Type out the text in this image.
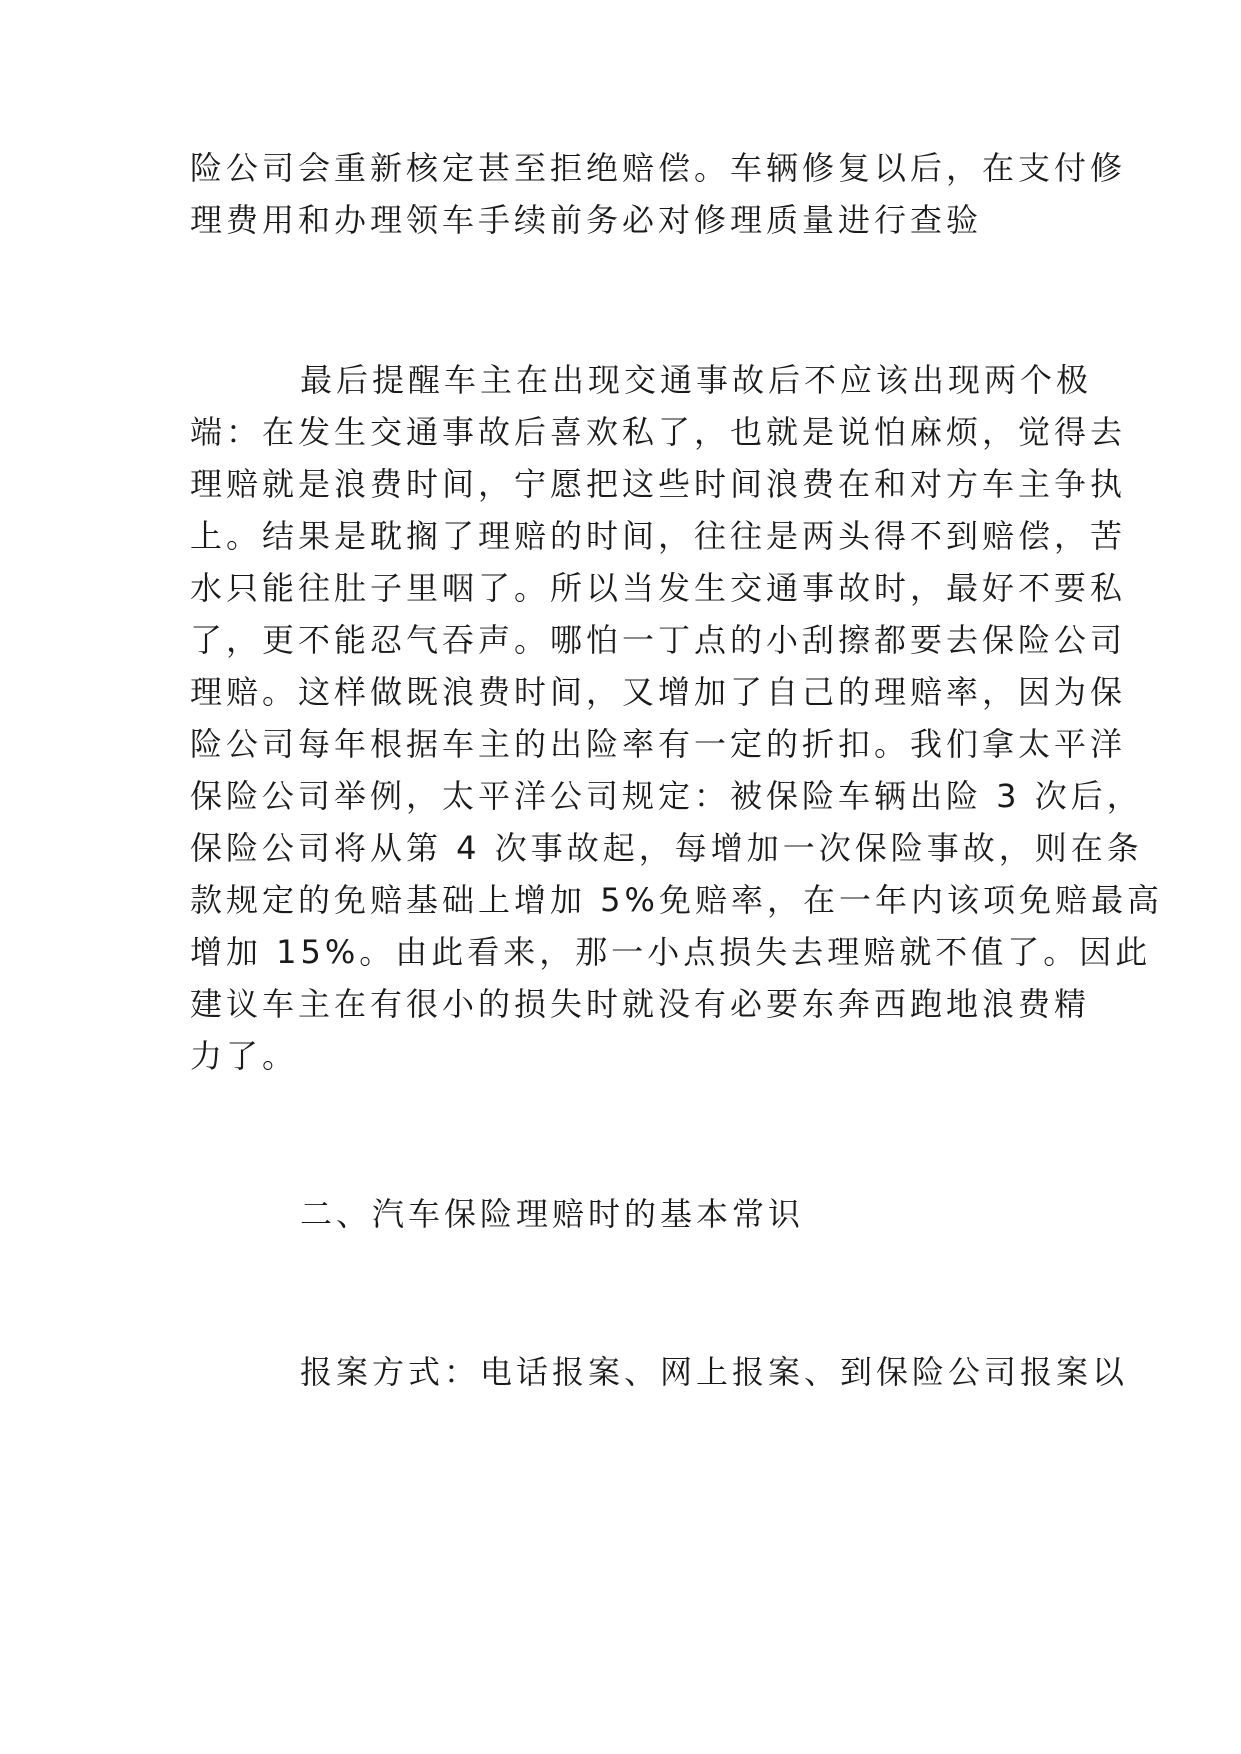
险公司会重新核定甚至拒绝赔偿。车辆修复以后，在支付修
理费用和办理领车手续前务必对修理质量进行查验
最后提醒车主在出现交通事故后不应该出现两个极
端：在发生交通事故后喜欢私了，也就是说怕麻烦，觉得去
理赔就是浪费时间，宁愿把这些时间浪费在和对方车主争执
上。结果是耽搁了理赔的时间，往往是两头得不到赔偿，苦
水只能往肚子里咽了。所以当发生交通事故时，最好不要私
了，更不能忍气吞声。哪怕一丁点的小刮擦都要去保险公司
理赔。这样做既浪费时间，又增加了自己的理赔率，因为保
险公司每年根据车主的出险率有一定的折扣。我们拿太平洋
保险公司举例，太平洋公司规定：被保险车辆出险 3 次后，
保险公司将从第 4 次事故起，每增加一次保险事故，则在条
款规定的免赔基础上增加 5%免赔率，在一年内该项免赔最高
增加 15%。由此看来，那一小点损失去理赔就不值了。因此
建议车主在有很小的损失时就没有必要东奔西跑地浪费精
力了。
二、汽车保险理赔时的基本常识
报案方式：电话报案、网上报案、到保险公司报案以
